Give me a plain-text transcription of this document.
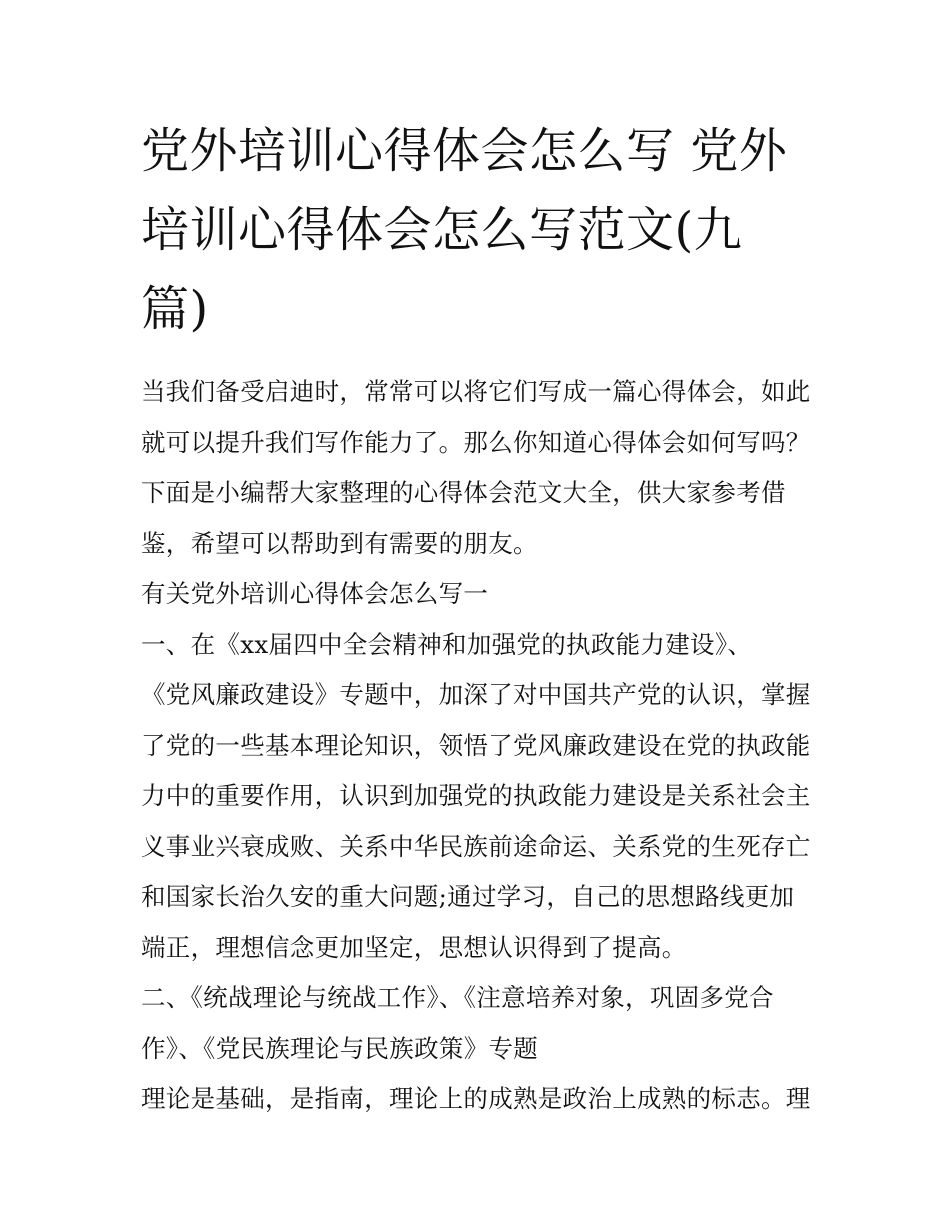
党外培训心得体会怎么写 党外
培训心得体会怎么写范文(九
篇)

当我们备受启迪时，常常可以将它们写成一篇心得体会，如此
就可以提升我们写作能力了。那么你知道心得体会如何写吗？
下面是小编帮大家整理的心得体会范文大全，供大家参考借
鉴，希望可以帮助到有需要的朋友。

有关党外培训心得体会怎么写一

一、在《xx届四中全会精神和加强党的执政能力建设》、
《党风廉政建设》专题中，加深了对中国共产党的认识，掌握
了党的一些基本理论知识，领悟了党风廉政建设在党的执政能
力中的重要作用，认识到加强党的执政能力建设是关系社会主
义事业兴衰成败、关系中华民族前途命运、关系党的生死存亡
和国家长治久安的重大问题;通过学习，自己的思想路线更加
端正，理想信念更加坚定，思想认识得到了提高。

二、《统战理论与统战工作》、《注意培养对象，巩固多党合
作》、《党民族理论与民族政策》专题

理论是基础，是指南，理论上的成熟是政治上成熟的标志。理
